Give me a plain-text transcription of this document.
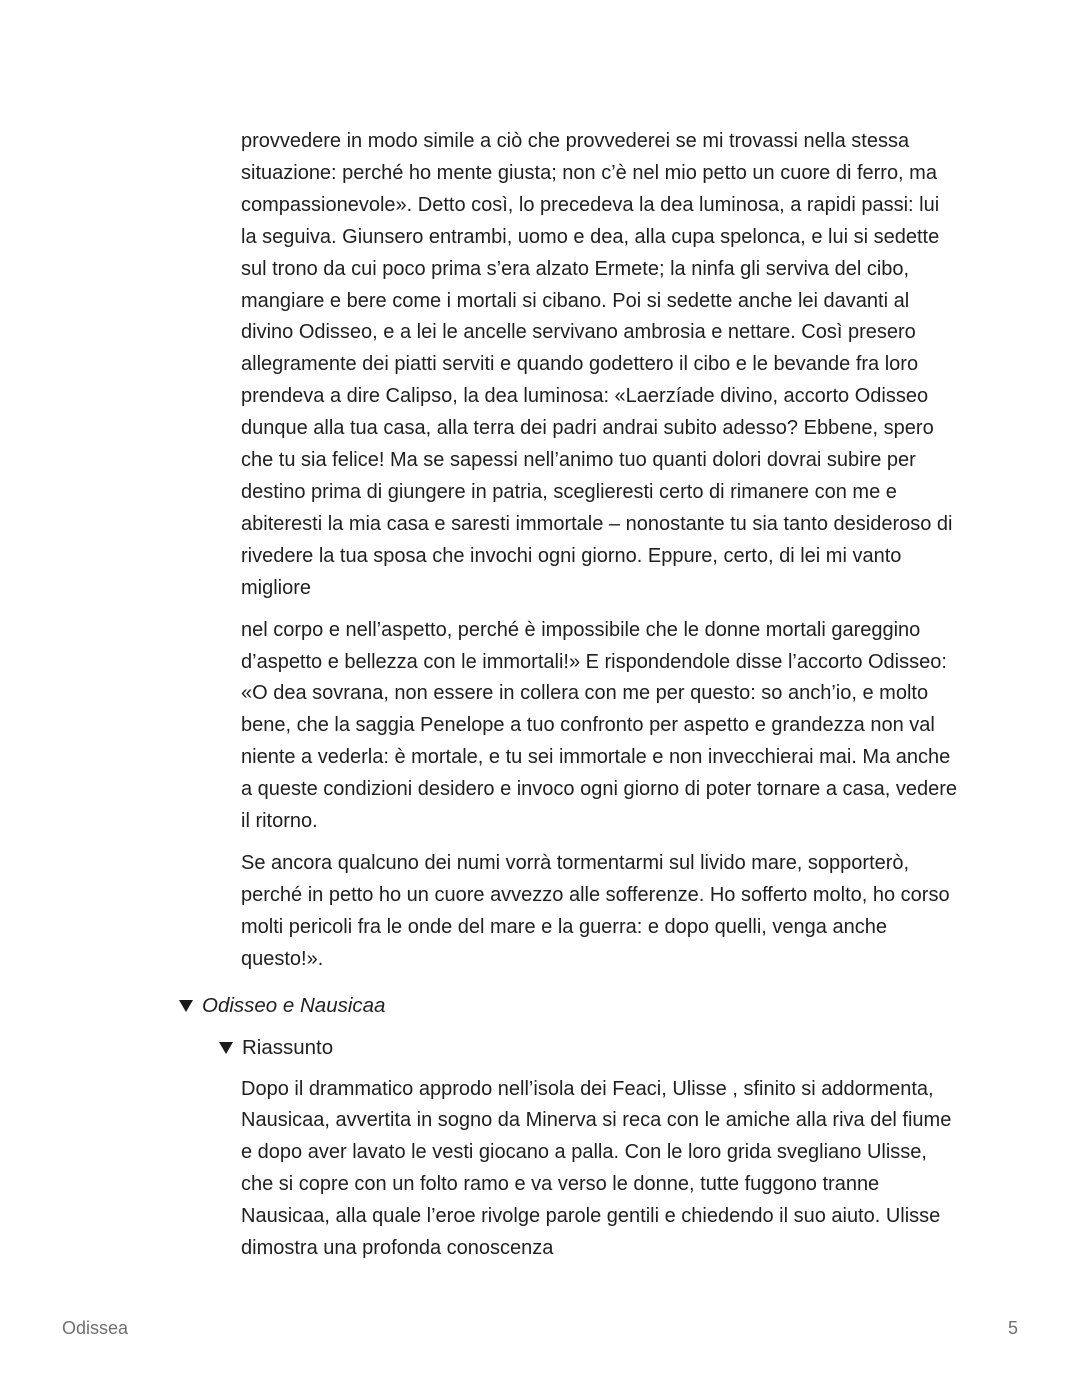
provvedere in modo simile a ciò che provvederei se mi trovassi nella stessa situazione: perché ho mente giusta; non c’è nel mio petto un cuore di ferro, ma compassionevole». Detto così, lo precedeva la dea luminosa, a rapidi passi: lui la seguiva. Giunsero entrambi, uomo e dea, alla cupa spelonca, e lui si sedette sul trono da cui poco prima s’era alzato Ermete; la ninfa gli serviva del cibo, mangiare e bere come i mortali si cibano. Poi si sedette anche lei davanti al divino Odisseo, e a lei le ancelle servivano ambrosia e nettare. Così presero allegramente dei piatti serviti e quando godettero il cibo e le bevande fra loro prendeva a dire Calipso, la dea luminosa: «Laerzíade divino, accorto Odisseo dunque alla tua casa, alla terra dei padri andrai subito adesso? Ebbene, spero che tu sia felice! Ma se sapessi nell’animo tuo quanti dolori dovrai subire per destino prima di giungere in patria, sceglieresti certo di rimanere con me e abiteresti la mia casa e saresti immortale – nonostante tu sia tanto desideroso di rivedere la tua sposa che invochi ogni giorno. Eppure, certo, di lei mi vanto migliore

nel corpo e nell’aspetto, perché è impossibile che le donne mortali gareggino d’aspetto e bellezza con le immortali!» E rispondendole disse l’accorto Odisseo: «O dea sovrana, non essere in collera con me per questo: so anch’io, e molto bene, che la saggia Penelope a tuo confronto per aspetto e grandezza non val niente a vederla: è mortale, e tu sei immortale e non invecchierai mai. Ma anche a queste condizioni desidero e invoco ogni giorno di poter tornare a casa, vedere il ritorno.

Se ancora qualcuno dei numi vorrà tormentarmi sul livido mare, sopporterò, perché in petto ho un cuore avvezzo alle sofferenze. Ho sofferto molto, ho corso molti pericoli fra le onde del mare e la guerra: e dopo quelli, venga anche questo!».

Odisseo e Nausicaa
Riassunto

Dopo il drammatico approdo nell’isola dei Feaci, Ulisse , sfinito si addormenta, Nausicaa, avvertita in sogno da Minerva si reca con le amiche alla riva del fiume e dopo aver lavato le vesti giocano a palla. Con le loro grida svegliano Ulisse, che si copre con un folto ramo e va verso le donne, tutte fuggono tranne Nausicaa, alla quale l’eroe rivolge parole gentili e chiedendo il suo aiuto. Ulisse dimostra una profonda conoscenza

Odissea	5
